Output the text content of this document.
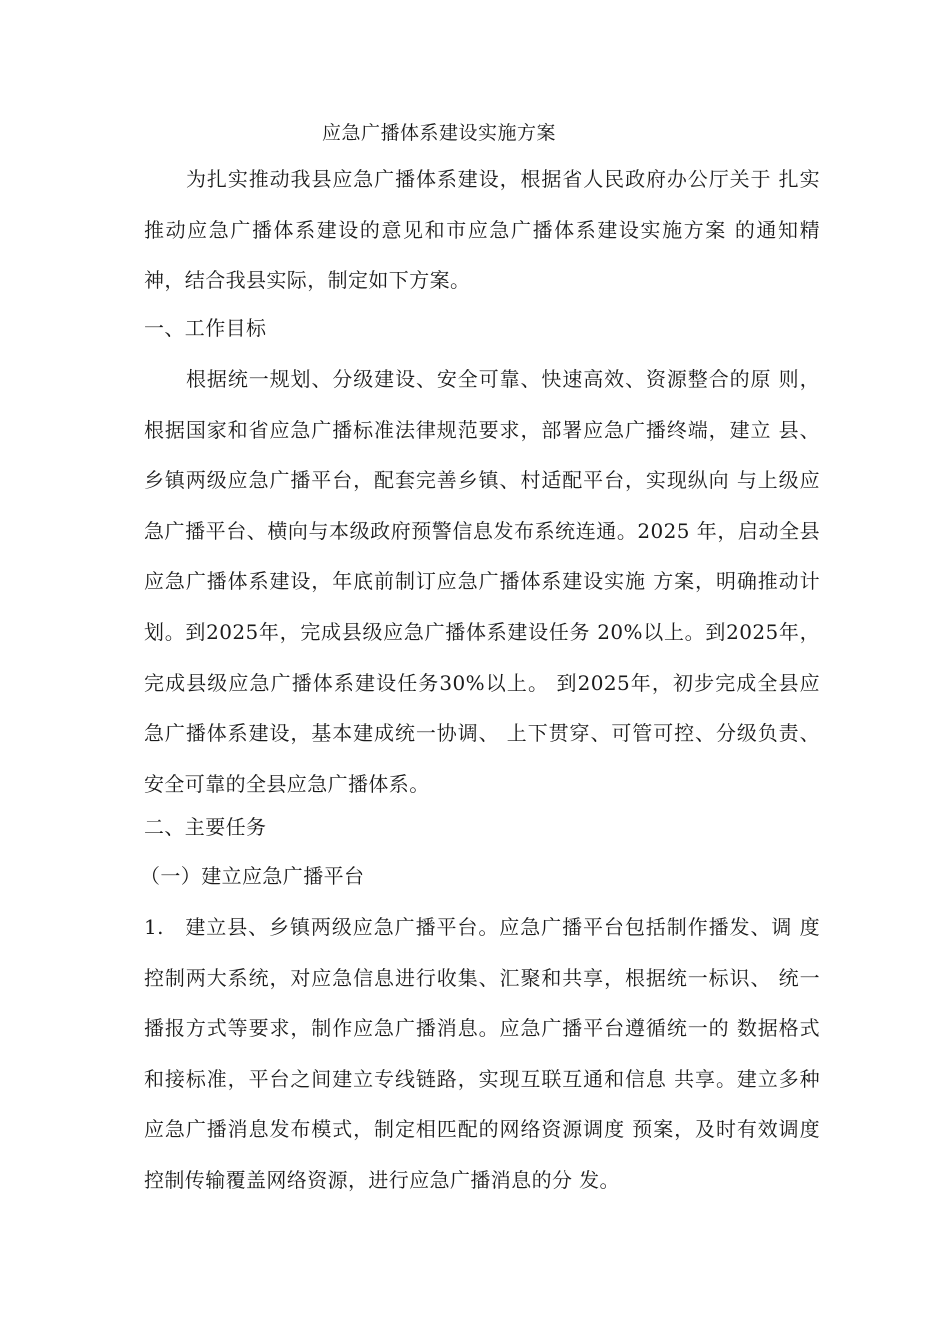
应急广播体系建设实施方案
为扎实推动我县应急广播体系建设，根据省人民政府办公厅关于 扎实推动应急广播体系建设的意见和市应急广播体系建设实施方案 的通知精神，结合我县实际，制定如下方案。
一、工作目标
根据统一规划、分级建设、安全可靠、快速高效、资源整合的原 则，根据国家和省应急广播标准法律规范要求，部署应急广播终端，建立 县、乡镇两级应急广播平台，配套完善乡镇、村适配平台，实现纵向 与上级应急广播平台、横向与本级政府预警信息发布系统连通。2025 年，启动全县应急广播体系建设，年底前制订应急广播体系建设实施 方案，明确推动计划。到2025年，完成县级应急广播体系建设任务 20%以上。到2025年，完成县级应急广播体系建设任务30%以上。 到2025年，初步完成全县应急广播体系建设，基本建成统一协调、 上下贯穿、可管可控、分级负责、安全可靠的全县应急广播体系。
二、主要任务
（一）建立应急广播平台
1.　建立县、乡镇两级应急广播平台。应急广播平台包括制作播发、调 度控制两大系统，对应急信息进行收集、汇聚和共享，根据统一标识、 统一播报方式等要求，制作应急广播消息。应急广播平台遵循统一的 数据格式和接标准，平台之间建立专线链路，实现互联互通和信息 共享。建立多种应急广播消息发布模式，制定相匹配的网络资源调度 预案，及时有效调度控制传输覆盖网络资源，进行应急广播消息的分 发。
